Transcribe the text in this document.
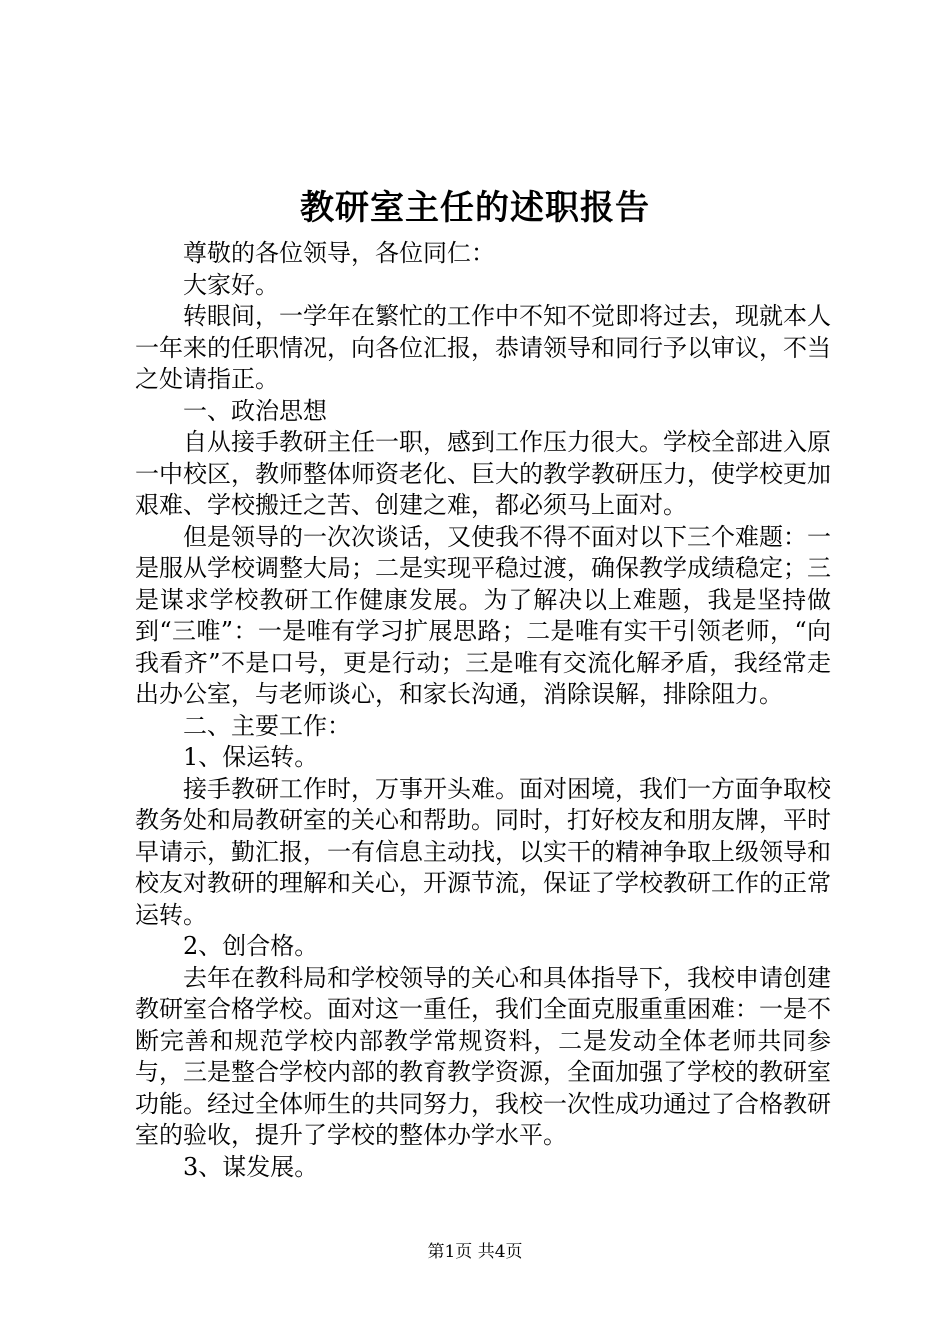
教研室主任的述职报告

尊敬的各位领导，各位同仁：

大家好。

转眼间，一学年在繁忙的工作中不知不觉即将过去，现就本人一年来的任职情况，向各位汇报，恭请领导和同行予以审议，不当之处请指正。

一、政治思想

自从接手教研主任一职，感到工作压力很大。学校全部进入原一中校区，教师整体师资老化、巨大的教学教研压力，使学校更加艰难、学校搬迁之苦、创建之难，都必须马上面对。

但是领导的一次次谈话，又使我不得不面对以下三个难题：一是服从学校调整大局；二是实现平稳过渡，确保教学成绩稳定；三是谋求学校教研工作健康发展。为了解决以上难题，我是坚持做到“三唯”：一是唯有学习扩展思路；二是唯有实干引领老师，“向我看齐”不是口号，更是行动；三是唯有交流化解矛盾，我经常走出办公室，与老师谈心，和家长沟通，消除误解，排除阻力。

二、主要工作：

1、保运转。

接手教研工作时，万事开头难。面对困境，我们一方面争取校教务处和局教研室的关心和帮助。同时，打好校友和朋友牌，平时早请示，勤汇报，一有信息主动找，以实干的精神争取上级领导和校友对教研的理解和关心，开源节流，保证了学校教研工作的正常运转。

2、创合格。

去年在教科局和学校领导的关心和具体指导下，我校申请创建教研室合格学校。面对这一重任，我们全面克服重重困难：一是不断完善和规范学校内部教学常规资料，二是发动全体老师共同参与，三是整合学校内部的教育教学资源，全面加强了学校的教研室功能。经过全体师生的共同努力，我校一次性成功通过了合格教研室的验收，提升了学校的整体办学水平。

3、谋发展。

第1页 共4页
